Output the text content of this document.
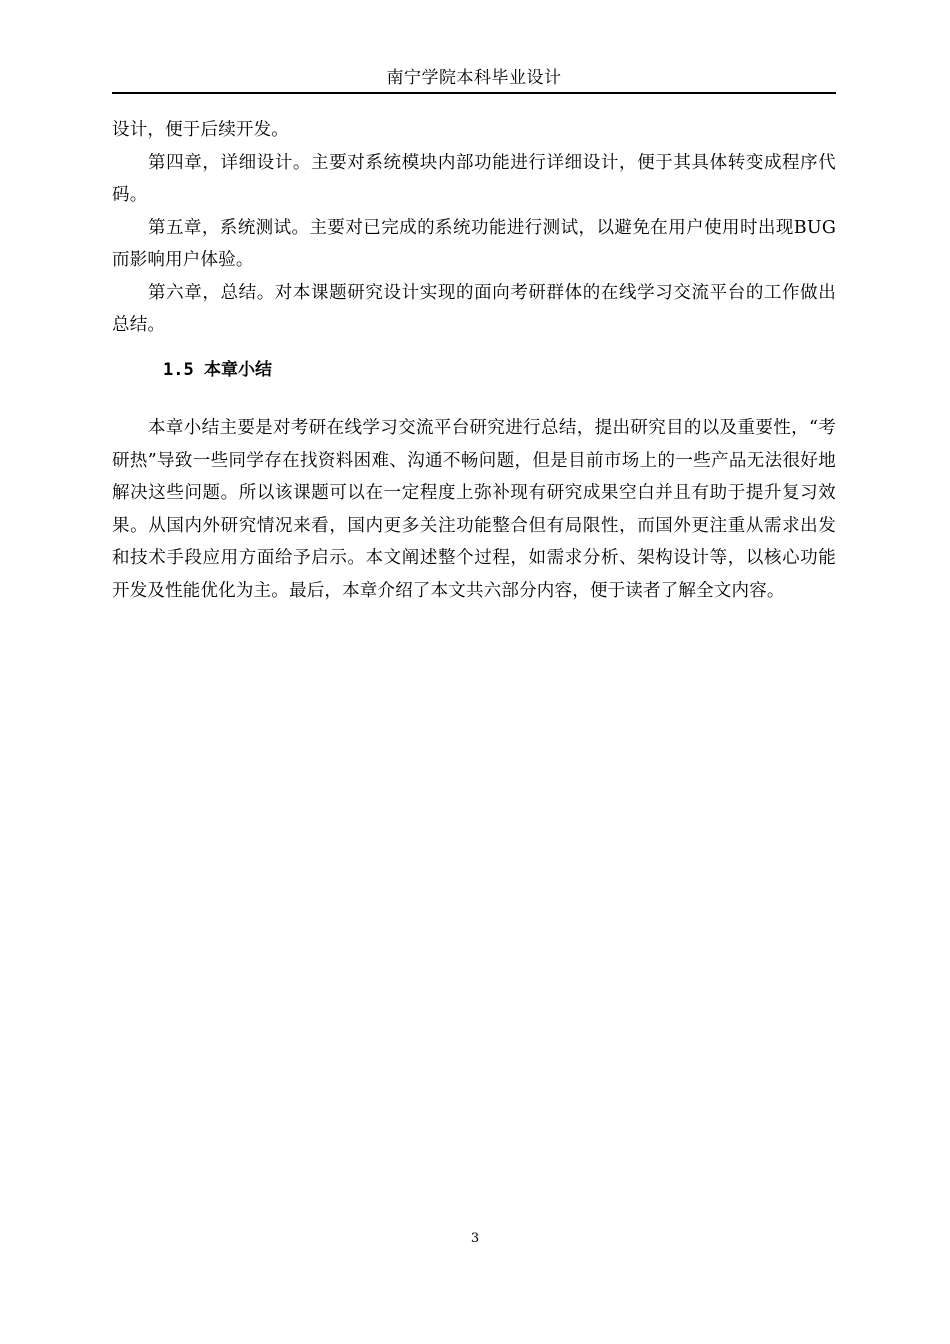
南宁学院本科毕业设计

设计，便于后续开发。

第四章，详细设计。主要对系统模块内部功能进行详细设计，便于其具体转变成程序代码。

第五章，系统测试。主要对已完成的系统功能进行测试，以避免在用户使用时出现BUG而影响用户体验。

第六章，总结。对本课题研究设计实现的面向考研群体的在线学习交流平台的工作做出总结。

1.5 本章小结

本章小结主要是对考研在线学习交流平台研究进行总结，提出研究目的以及重要性，“考研热”导致一些同学存在找资料困难、沟通不畅问题，但是目前市场上的一些产品无法很好地解决这些问题。所以该课题可以在一定程度上弥补现有研究成果空白并且有助于提升复习效果。从国内外研究情况来看，国内更多关注功能整合但有局限性，而国外更注重从需求出发和技术手段应用方面给予启示。本文阐述整个过程，如需求分析、架构设计等，以核心功能开发及性能优化为主。最后，本章介绍了本文共六部分内容，便于读者了解全文内容。

3
